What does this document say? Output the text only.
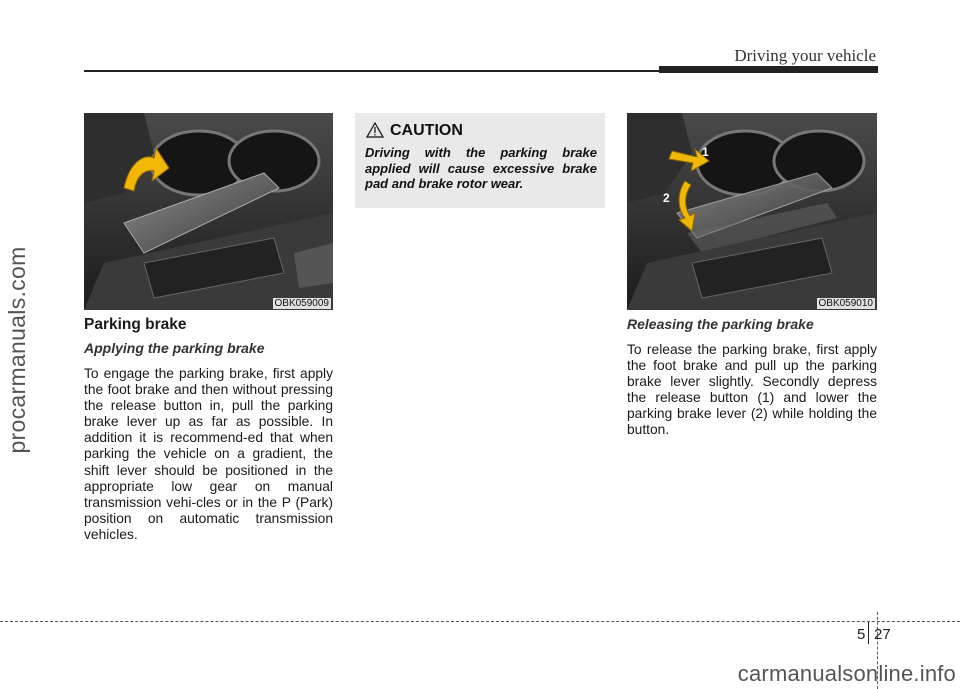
Driving your vehicle
procarmanuals.com	OBK059009
1
2
OBK059010
Parking brake
Applying the parking brake

To engage the parking brake, first apply the foot brake and then without pressing the release button in, pull the parking brake lever up as far as possible. In addition it is recommend-ed that when parking the vehicle on a gradient, the shift lever should be positioned in the appropriate low gear on manual transmission vehi-cles or in the P (Park) position on automatic transmission vehicles.

CAUTION
Driving with the parking brake applied will cause excessive brake pad and brake rotor wear.
Releasing the parking brake

To release the parking brake, first apply the foot brake and pull up the parking brake lever slightly. Secondly depress the release button (1) and lower the parking brake lever (2) while holding the button.

5 27
carmanualsonline.info
